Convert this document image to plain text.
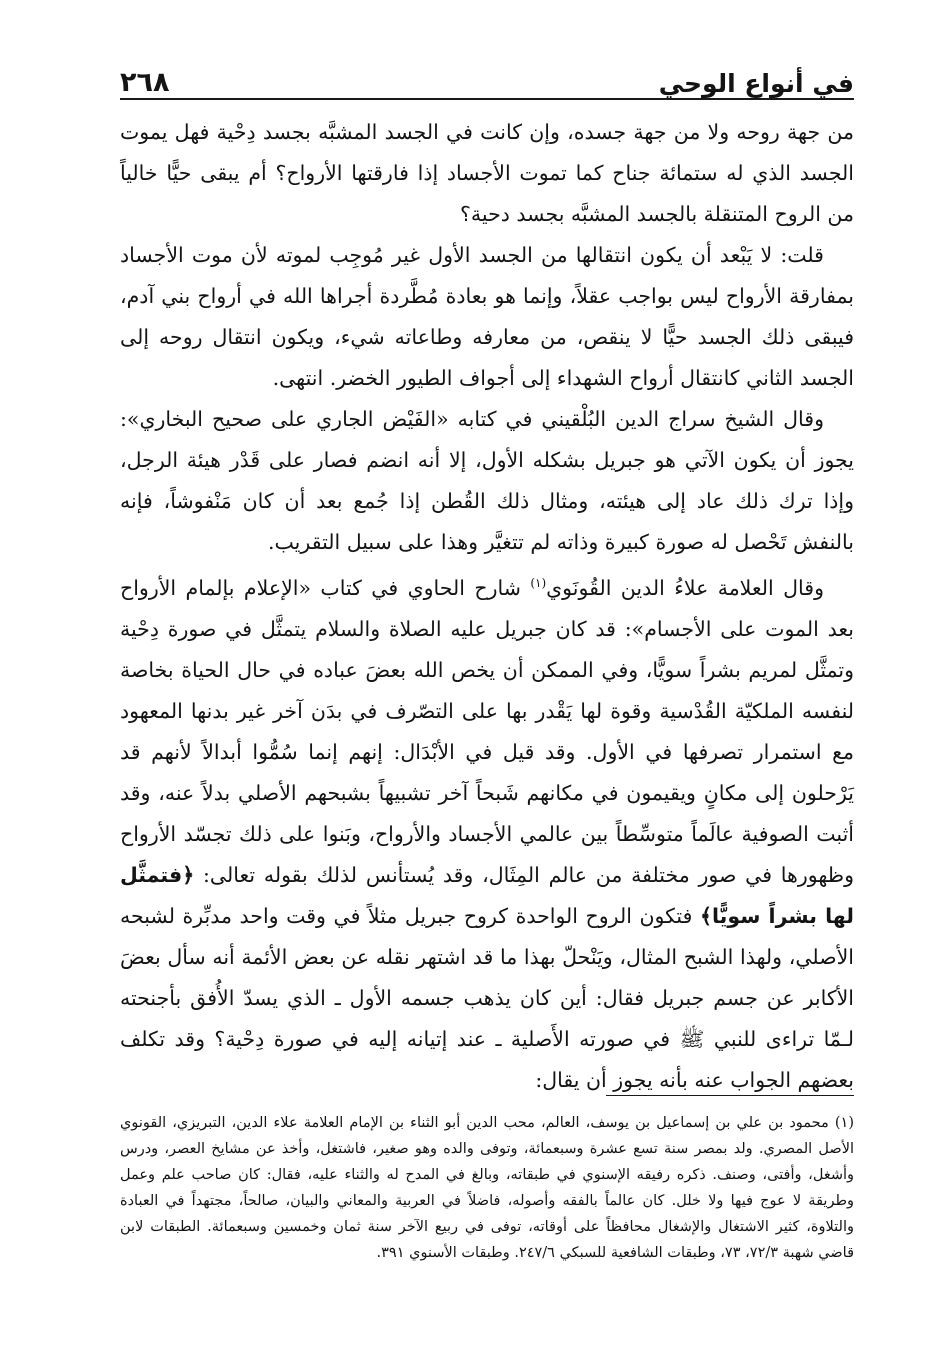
في أنواع الوحي
٢٦٨

من جهة روحه ولا من جهة جسده، وإن كانت في الجسد المشبَّه بجسد دِحْية فهل يموت الجسد الذي له ستمائة جناح كما تموت الأجساد إذا فارقتها الأرواح؟ أم يبقى حيًّا خالياً من الروح المتنقلة بالجسد المشبَّه بجسد دحية؟

قلت: لا يَبْعد أن يكون انتقالها من الجسد الأول غير مُوجِب لموته لأن موت الأجساد بمفارقة الأرواح ليس بواجب عقلاً، وإنما هو بعادة مُطَّردة أجراها الله في أرواح بني آدم، فيبقى ذلك الجسد حيًّا لا ينقص، من معارفه وطاعاته شيء، ويكون انتقال روحه إلى الجسد الثاني كانتقال أرواح الشهداء إلى أجواف الطيور الخضر. انتهى.

وقال الشيخ سراج الدين البُلْقيني في كتابه «الفَيْض الجاري على صحيح البخاري»: يجوز أن يكون الآتي هو جبريل بشكله الأول، إلا أنه انضم فصار على قَدْر هيئة الرجل، وإذا ترك ذلك عاد إلى هيئته، ومثال ذلك القُطن إذا جُمع بعد أن كان مَنْفوشاً، فإنه بالنفش تَحْصل له صورة كبيرة وذاته لم تتغيَّر وهذا على سبيل التقريب.

وقال العلامة علاءُ الدين القُونَوي$^{(١)}$ شارح الحاوي في كتاب «الإعلام بإلمام الأرواح بعد الموت على الأجسام»: قد كان جبريل عليه الصلاة والسلام يتمثَّل في صورة دِحْية وتمثَّل لمريم بشراً سويًّا، وفي الممكن أن يخص الله بعضَ عباده في حال الحياة بخاصة لنفسه الملكيّة القُدْسية وقوة لها يَقْدر بها على التصّرف في بدَن آخر غير بدنها المعهود مع استمرار تصرفها في الأول. وقد قيل في الأبْدَال: إنهم إنما سُمُّوا أبدالاً لأنهم قد يَرْحلون إلى مكانٍ ويقيمون في مكانهم شَبحاً آخر تشبيهاً بشبحهم الأصلي بدلاً عنه، وقد أثبت الصوفية عالَماً متوسِّطاً بين عالمي الأجساد والأرواح، وبَنوا على ذلك تجسّد الأرواح وظهورها في صور مختلفة من عالم المِثَال، وقد يُستأنس لذلك بقوله تعالى: ﴿فتمثَّل لها بشراً سويًّا﴾ فتكون الروح الواحدة كروح جبريل مثلاً في وقت واحد مدبِّرة لشبحه الأصلي، ولهذا الشبح المثال، ويَنْحلّ بهذا ما قد اشتهر نقله عن بعض الأئمة أنه سأل بعضَ الأكابر عن جسم جبريل فقال: أين كان يذهب جسمه الأول ـ الذي يسدّ الأُفق بأجنحته لـمّا تراءى للنبي ﷺ في صورته الأَصلية ـ عند إتيانه إليه في صورة دِحْية؟ وقد تكلف بعضهم الجواب عنه بأنه يجوز أن يقال:

(١) محمود بن علي بن إسماعيل بن يوسف، العالم، محب الدين أبو الثناء بن الإمام العلامة علاء الدين، التبريزي، القونوي الأصل المصري. ولد بمصر سنة تسع عشرة وسبعمائة، وتوفى والده وهو صغير، فاشتغل، وأخذ عن مشايخ العصر، ودرس وأشغل، وأفتى، وصنف. ذكره رفيقه الإسنوي في طبقاته، وبالغ في المدح له والثناء عليه، فقال: كان صاحب علم وعمل وطريقة لا عوج فيها ولا خلل. كان عالماً بالفقه وأصوله، فاضلاً في العربية والمعاني والبيان، صالحاً، مجتهداً في العبادة والتلاوة، كثير الاشتغال والإشغال محافظاً على أوقاته، توفى في ربيع الآخر سنة ثمان وخمسين وسبعمائة. الطبقات لابن قاضي شهبة ٧٢/٣، ٧٣، وطبقات الشافعية للسبكي ٢٤٧/٦. وطبقات الأسنوي ٣٩١.
